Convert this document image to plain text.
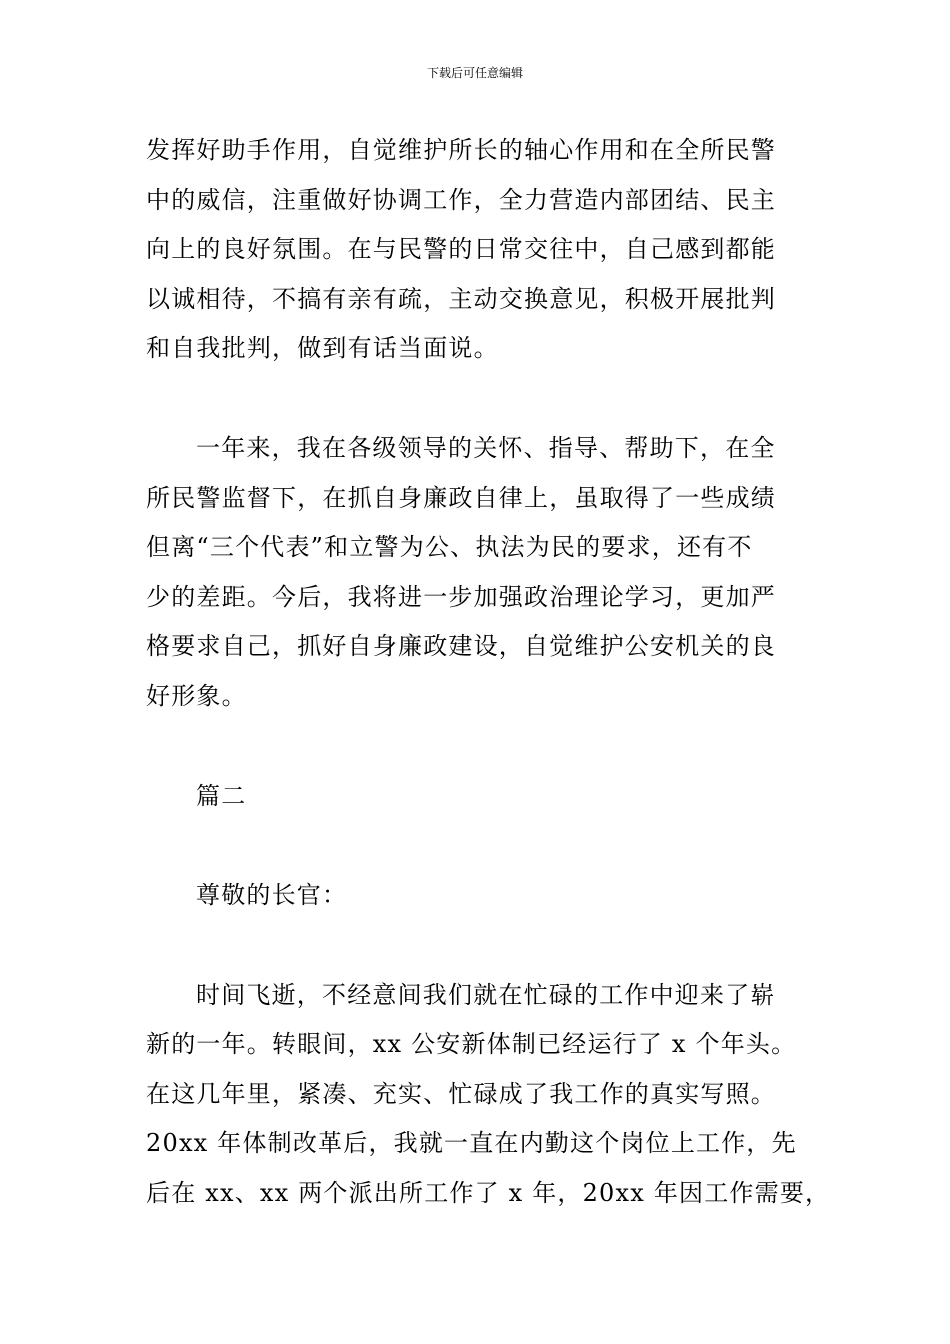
下载后可任意编辑

发挥好助手作用，自觉维护所长的轴心作用和在全所民警

中的威信，注重做好协调工作，全力营造内部团结、民主

向上的良好氛围。在与民警的日常交往中，自己感到都能

以诚相待，不搞有亲有疏，主动交换意见，积极开展批判

和自我批判，做到有话当面说。

一年来，我在各级领导的关怀、指导、帮助下，在全

所民警监督下，在抓自身廉政自律上，虽取得了一些成绩

但离“三个代表”和立警为公、执法为民的要求，还有不

少的差距。今后，我将进一步加强政治理论学习，更加严

格要求自己，抓好自身廉政建设，自觉维护公安机关的良

好形象。

篇二

尊敬的长官：

时间飞逝，不经意间我们就在忙碌的工作中迎来了崭

新的一年。转眼间，xx 公安新体制已经运行了 x 个年头。

在这几年里，紧凑、充实、忙碌成了我工作的真实写照。

20xx 年体制改革后，我就一直在内勤这个岗位上工作，先

后在 xx、xx 两个派出所工作了 x 年，20xx 年因工作需要，
